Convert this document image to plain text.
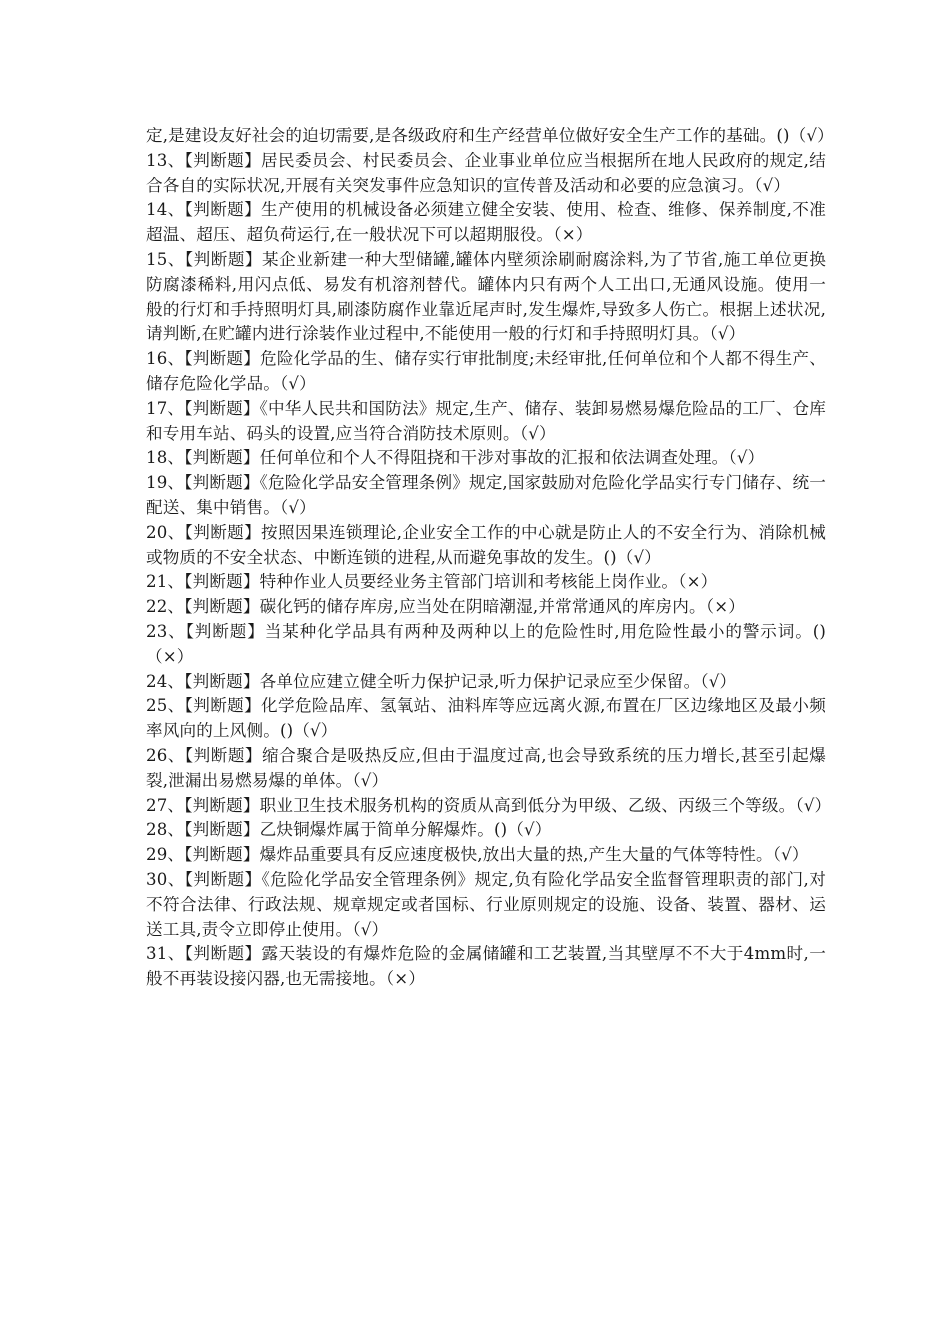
定,是建设友好社会的迫切需要,是各级政府和生产经营单位做好安全生产工作的基础。()（√）

13、【判断题】居民委员会、村民委员会、企业事业单位应当根据所在地人民政府的规定,结合各自的实际状况,开展有关突发事件应急知识的宣传普及活动和必要的应急演习。（√）

14、【判断题】生产使用的机械设备必须建立健全安装、使用、检查、维修、保养制度,不准超温、超压、超负荷运行,在一般状况下可以超期服役。（×）

15、【判断题】某企业新建一种大型储罐,罐体内壁须涂刷耐腐涂料,为了节省,施工单位更换防腐漆稀料,用闪点低、易发有机溶剂替代。罐体内只有两个人工出口,无通风设施。使用一般的行灯和手持照明灯具,刷漆防腐作业靠近尾声时,发生爆炸,导致多人伤亡。根据上述状况,请判断,在贮罐内进行涂装作业过程中,不能使用一般的行灯和手持照明灯具。（√）

16、【判断题】危险化学品的生、储存实行审批制度;未经审批,任何单位和个人都不得生产、储存危险化学品。（√）

17、【判断题】《中华人民共和国防法》规定,生产、储存、装卸易燃易爆危险品的工厂、仓库和专用车站、码头的设置,应当符合消防技术原则。（√）

18、【判断题】任何单位和个人不得阻挠和干涉对事故的汇报和依法调查处理。（√）

19、【判断题】《危险化学品安全管理条例》规定,国家鼓励对危险化学品实行专门储存、统一配送、集中销售。（√）

20、【判断题】按照因果连锁理论,企业安全工作的中心就是防止人的不安全行为、消除机械或物质的不安全状态、中断连锁的进程,从而避免事故的发生。()（√）

21、【判断题】特种作业人员要经业务主管部门培训和考核能上岗作业。（×）

22、【判断题】碳化钙的储存库房,应当处在阴暗潮湿,并常常通风的库房内。（×）

23、【判断题】当某种化学品具有两种及两种以上的危险性时,用危险性最小的警示词。()（×）

24、【判断题】各单位应建立健全听力保护记录,听力保护记录应至少保留。（√）

25、【判断题】化学危险品库、氢氧站、油料库等应远离火源,布置在厂区边缘地区及最小频率风向的上风侧。()（√）

26、【判断题】缩合聚合是吸热反应,但由于温度过高,也会导致系统的压力增长,甚至引起爆裂,泄漏出易燃易爆的单体。（√）

27、【判断题】职业卫生技术服务机构的资质从高到低分为甲级、乙级、丙级三个等级。（√）

28、【判断题】乙炔铜爆炸属于简单分解爆炸。()（√）

29、【判断题】爆炸品重要具有反应速度极快,放出大量的热,产生大量的气体等特性。（√）

30、【判断题】《危险化学品安全管理条例》规定,负有险化学品安全监督管理职责的部门,对不符合法律、行政法规、规章规定或者国标、行业原则规定的设施、设备、装置、器材、运送工具,责令立即停止使用。（√）

31、【判断题】露天装设的有爆炸危险的金属储罐和工艺装置,当其壁厚不不大于4mm时,一般不再装设接闪器,也无需接地。（×）
